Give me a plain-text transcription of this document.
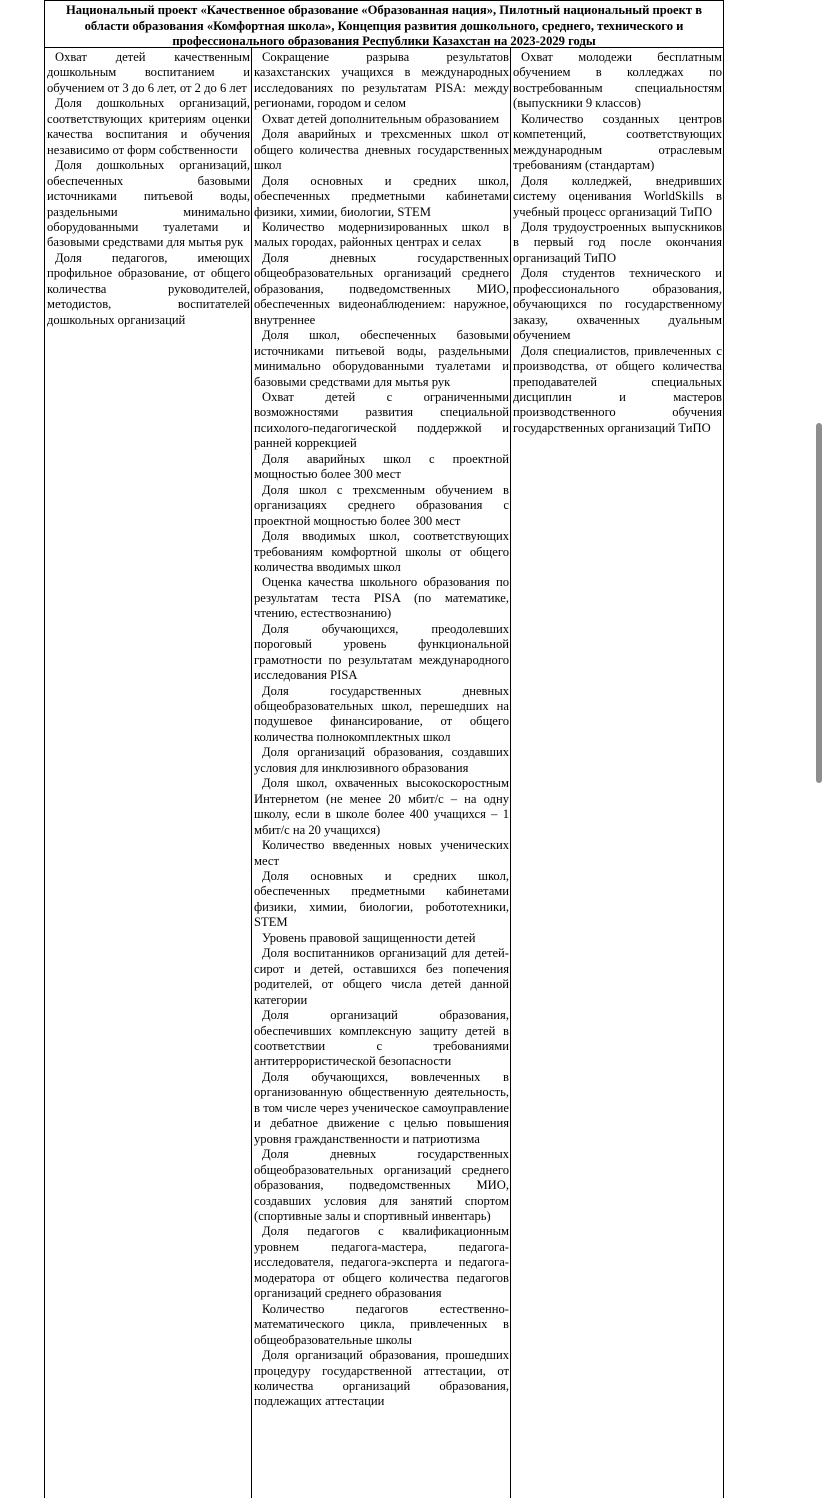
Национальный проект «Качественное образование «Образованная нация», Пилотный национальный проект в области образования «Комфортная школа», Концепция развития дошкольного, среднего, технического и профессионального образования Республики Казахстан на 2023-2029 годы

Охват детей качественным дошкольным воспитанием и обучением от 3 до 6 лет, от 2 до 6 лет

Доля дошкольных организаций, соответствующих критериям оценки качества воспитания и обучения независимо от форм собственности

Доля дошкольных организаций, обеспеченных базовыми источниками питьевой воды, раздельными минимально оборудованными туалетами и базовыми средствами для мытья рук

Доля педагогов, имеющих профильное образование, от общего количества руководителей, методистов, воспитателей дошкольных организаций

Сокращение разрыва результатов казахстанских учащихся в международных исследованиях по результатам PISA: между регионами, городом и селом

Охват детей дополнительным образованием

Доля аварийных и трехсменных школ от общего количества дневных государственных школ

Доля основных и средних школ, обеспеченных предметными кабинетами физики, химии, биологии, STEM

Количество модернизированных школ в малых городах, районных центрах и селах

Доля дневных государственных общеобразовательных организаций среднего образования, подведомственных МИО, обеспеченных видеонаблюдением: наружное, внутреннее

Доля школ, обеспеченных базовыми источниками питьевой воды, раздельными минимально оборудованными туалетами и базовыми средствами для мытья рук

Охват детей с ограниченными возможностями развития специальной психолого-педагогической поддержкой и ранней коррекцией

Доля аварийных школ с проектной мощностью более 300 мест

Доля школ с трехсменным обучением в организациях среднего образования с проектной мощностью более 300 мест

Доля вводимых школ, соответствующих требованиям комфортной школы от общего количества вводимых школ

Оценка качества школьного образования по результатам теста PISA (по математике, чтению, естествознанию)

Доля обучающихся, преодолевших пороговый уровень функциональной грамотности по результатам международного исследования PISA

Доля государственных дневных общеобразовательных школ, перешедших на подушевое финансирование, от общего количества полнокомплектных школ

Доля организаций образования, создавших условия для инклюзивного образования

Доля школ, охваченных высокоскоростным Интернетом (не менее 20 мбит/с – на одну школу, если в школе более 400 учащихся – 1 мбит/с на 20 учащихся)

Количество введенных новых ученических мест

Доля основных и средних школ, обеспеченных предметными кабинетами физики, химии, биологии, робототехники, STEM

Уровень правовой защищенности детей

Доля воспитанников организаций для детей-сирот и детей, оставшихся без попечения родителей, от общего числа детей данной категории

Доля организаций образования, обеспечивших комплексную защиту детей в соответствии с требованиями антитеррористической безопасности

Доля обучающихся, вовлеченных в организованную общественную деятельность, в том числе через ученическое самоуправление и дебатное движение с целью повышения уровня гражданственности и патриотизма

Доля дневных государственных общеобразовательных организаций среднего образования, подведомственных МИО, создавших условия для занятий спортом (спортивные залы и спортивный инвентарь)

Доля педагогов с квалификационным уровнем педагога-мастера, педагога-исследователя, педагога-эксперта и педагога-модератора от общего количества педагогов организаций среднего образования

Количество педагогов естественно-математического цикла, привлеченных в общеобразовательные школы

Доля организаций образования, прошедших процедуру государственной аттестации, от количества организаций образования, подлежащих аттестации

Охват молодежи бесплатным обучением в колледжах по востребованным специальностям (выпускники 9 классов)

Количество созданных центров компетенций, соответствующих международным отраслевым требованиям (стандартам)

Доля колледжей, внедривших систему оценивания WorldSkills в учебный процесс организаций ТиПО

Доля трудоустроенных выпускников в первый год после окончания организаций ТиПО

Доля студентов технического и профессионального образования, обучающихся по государственному заказу, охваченных дуальным обучением

Доля специалистов, привлеченных с производства, от общего количества преподавателей специальных дисциплин и мастеров производственного обучения государственных организаций ТиПО
